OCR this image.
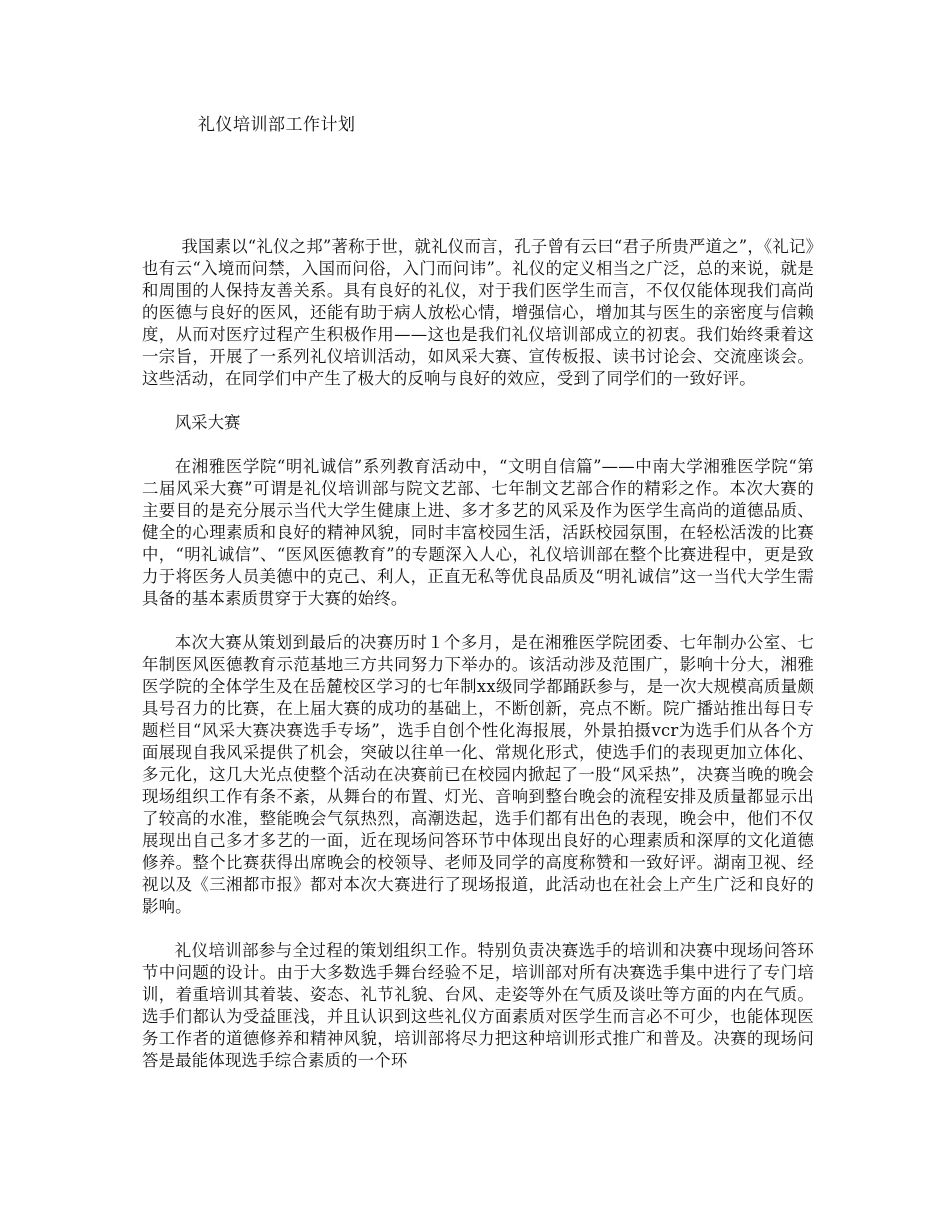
礼仪培训部工作计划

我国素以“礼仪之邦”著称于世，就礼仪而言，孔子曾有云曰“君子所贵严道之”，《礼记》也有云“入境而问禁，入国而问俗，入门而问讳”。礼仪的定义相当之广泛，总的来说，就是和周围的人保持友善关系。具有良好的礼仪，对于我们医学生而言，不仅仅能体现我们高尚的医德与良好的医风，还能有助于病人放松心情，增强信心，增加其与医生的亲密度与信赖度，从而对医疗过程产生积极作用——这也是我们礼仪培训部成立的初衷。我们始终秉着这一宗旨，开展了一系列礼仪培训活动，如风采大赛、宣传板报、读书讨论会、交流座谈会。这些活动，在同学们中产生了极大的反响与良好的效应，受到了同学们的一致好评。

风采大赛

在湘雅医学院“明礼诚信”系列教育活动中，“文明自信篇”——中南大学湘雅医学院“第二届风采大赛”可谓是礼仪培训部与院文艺部、七年制文艺部合作的精彩之作。本次大赛的主要目的是充分展示当代大学生健康上进、多才多艺的风采及作为医学生高尚的道德品质、健全的心理素质和良好的精神风貌，同时丰富校园生活，活跃校园氛围，在轻松活泼的比赛中，“明礼诚信”、“医风医德教育”的专题深入人心，礼仪培训部在整个比赛进程中，更是致力于将医务人员美德中的克己、利人，正直无私等优良品质及“明礼诚信”这一当代大学生需具备的基本素质贯穿于大赛的始终。

本次大赛从策划到最后的决赛历时１个多月，是在湘雅医学院团委、七年制办公室、七年制医风医德教育示范基地三方共同努力下举办的。该活动涉及范围广，影响十分大，湘雅医学院的全体学生及在岳麓校区学习的七年制xx级同学都踊跃参与，是一次大规模高质量颇具号召力的比赛，在上届大赛的成功的基础上，不断创新，亮点不断。院广播站推出每日专题栏目“风采大赛决赛选手专场”，选手自创个性化海报展，外景拍摄vcr为选手们从各个方面展现自我风采提供了机会，突破以往单一化、常规化形式，使选手们的表现更加立体化、多元化，这几大光点使整个活动在决赛前已在校园内掀起了一股“风采热”，决赛当晚的晚会现场组织工作有条不紊，从舞台的布置、灯光、音响到整台晚会的流程安排及质量都显示出了较高的水准，整能晚会气氛热烈，高潮迭起，选手们都有出色的表现，晚会中，他们不仅展现出自己多才多艺的一面，近在现场问答环节中体现出良好的心理素质和深厚的文化道德修养。整个比赛获得出席晚会的校领导、老师及同学的高度称赞和一致好评。湖南卫视、经视以及《三湘都市报》都对本次大赛进行了现场报道，此活动也在社会上产生广泛和良好的影响。

礼仪培训部参与全过程的策划组织工作。特别负责决赛选手的培训和决赛中现场问答环节中问题的设计。由于大多数选手舞台经验不足，培训部对所有决赛选手集中进行了专门培训，着重培训其着装、姿态、礼节礼貌、台风、走姿等外在气质及谈吐等方面的内在气质。选手们都认为受益匪浅，并且认识到这些礼仪方面素质对医学生而言必不可少，也能体现医务工作者的道德修养和精神风貌，培训部将尽力把这种培训形式推广和普及。决赛的现场问答是最能体现选手综合素质的一个环
